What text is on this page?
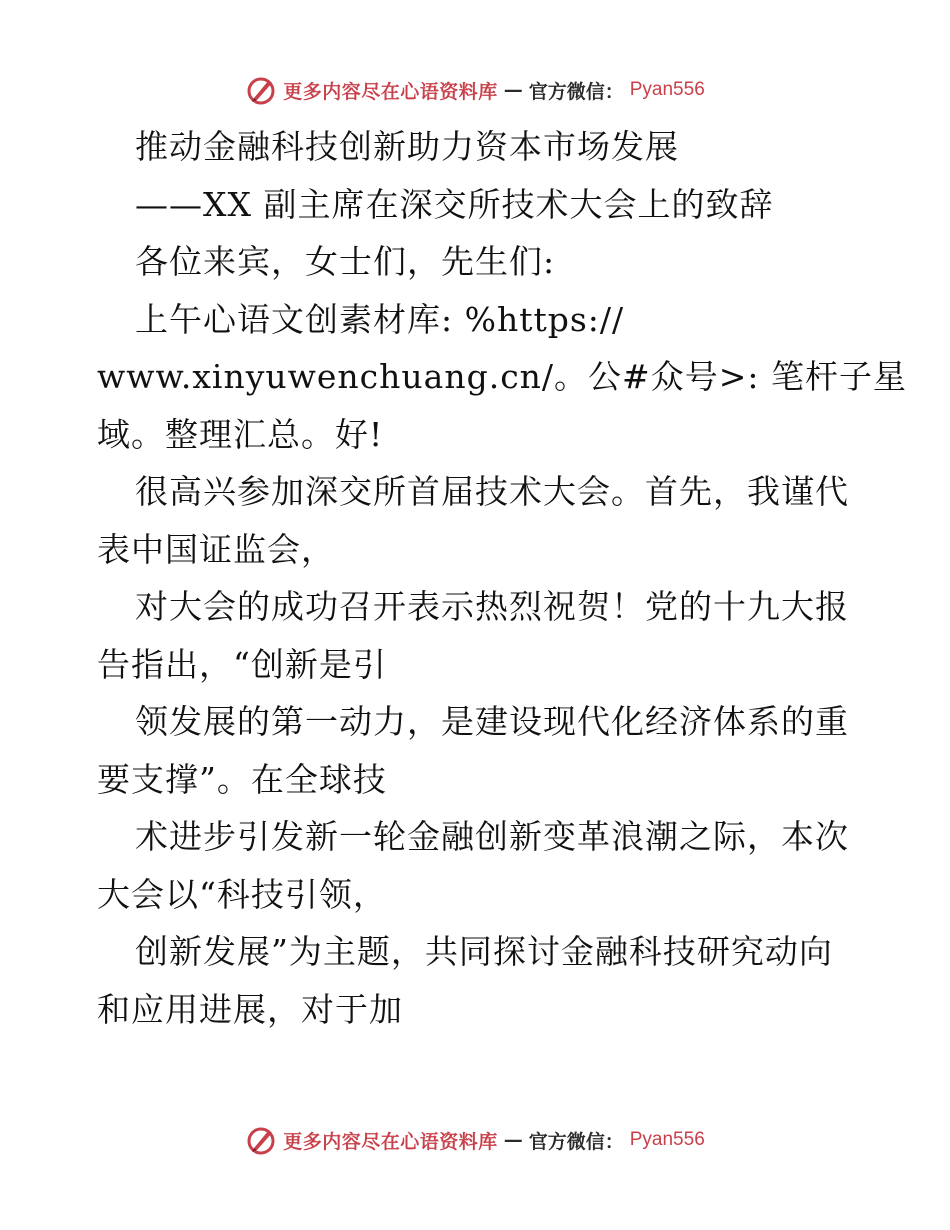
更多内容尽在心语资料库 — 官方微信： Pyan556
推动金融科技创新助力资本市场发展
——XX 副主席在深交所技术大会上的致辞
各位来宾，女士们，先生们:
上午心语文创素材库: %https://
www.xinyuwenchuang.cn/。公#众号>: 笔杆子星
域。整理汇总。好!
很高兴参加深交所首届技术大会。首先，我谨代
表中国证监会，
对大会的成功召开表示热烈祝贺！党的十九大报
告指出，“创新是引
领发展的第一动力，是建设现代化经济体系的重
要支撑”。在全球技
术进步引发新一轮金融创新变革浪潮之际，本次
大会以“科技引领，
创新发展”为主题，共同探讨金融科技研究动向
和应用进展，对于加
更多内容尽在心语资料库 — 官方微信： Pyan556
